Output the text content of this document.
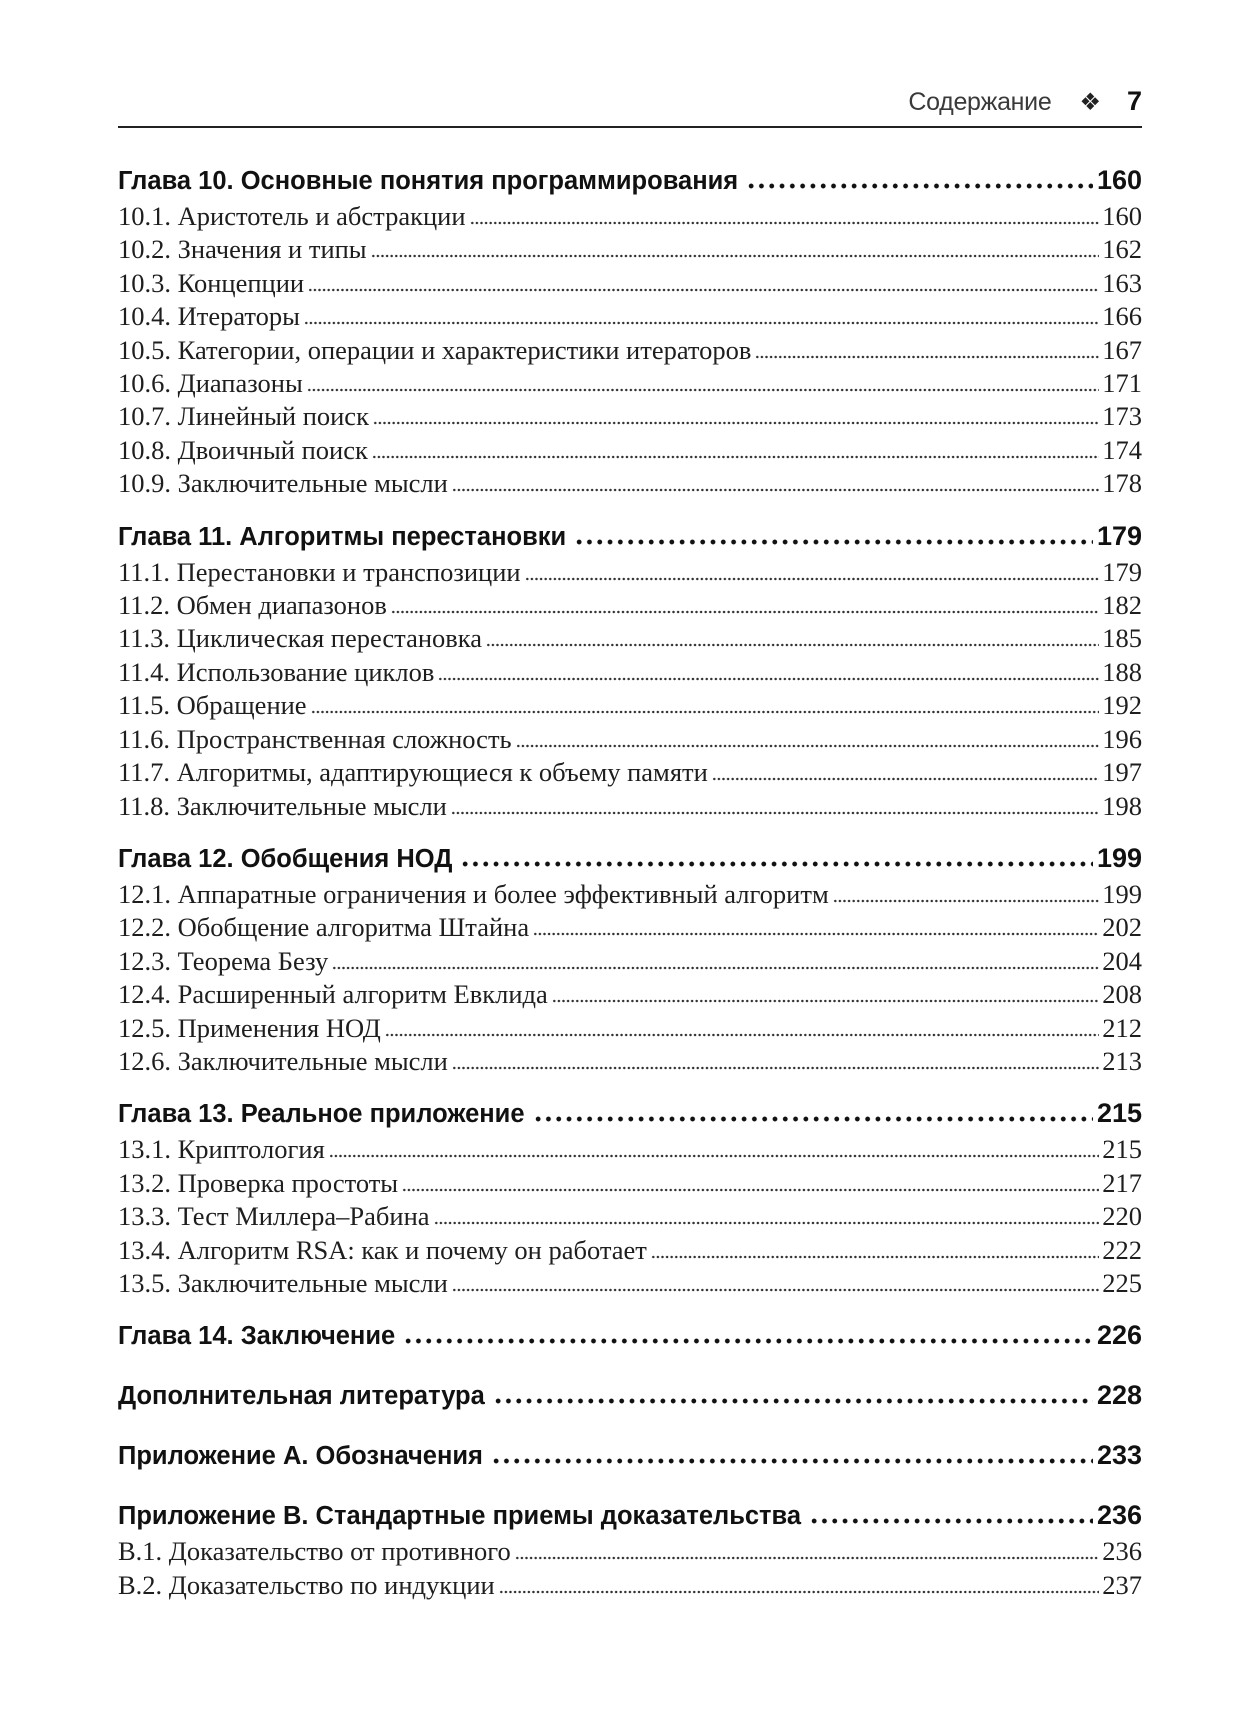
Содержание ❖ 7
Глава 10. Основные понятия программирования	160
10.1. Аристотель и абстракции	160
10.2. Значения и типы	162
10.3. Концепции	163
10.4. Итераторы	166
10.5. Категории, операции и характеристики итераторов	167
10.6. Диапазоны	171
10.7. Линейный поиск	173
10.8. Двоичный поиск	174
10.9. Заключительные мысли	178
Глава 11. Алгоритмы перестановки	179
11.1. Перестановки и транспозиции	179
11.2. Обмен диапазонов	182
11.3. Циклическая перестановка	185
11.4. Использование циклов	188
11.5. Обращение	192
11.6. Пространственная сложность	196
11.7. Алгоритмы, адаптирующиеся к объему памяти	197
11.8. Заключительные мысли	198
Глава 12. Обобщения НОД	199
12.1. Аппаратные ограничения и более эффективный алгоритм	199
12.2. Обобщение алгоритма Штайна	202
12.3. Теорема Безу	204
12.4. Расширенный алгоритм Евклида	208
12.5. Применения НОД	212
12.6. Заключительные мысли	213
Глава 13. Реальное приложение	215
13.1. Криптология	215
13.2. Проверка простоты	217
13.3. Тест Миллера–Рабина	220
13.4. Алгоритм RSA: как и почему он работает	222
13.5. Заключительные мысли	225
Глава 14. Заключение	226
Дополнительная литература	228
Приложение A. Обозначения	233
Приложение B. Стандартные приемы доказательства	236
B.1. Доказательство от противного	236
B.2. Доказательство по индукции	237
